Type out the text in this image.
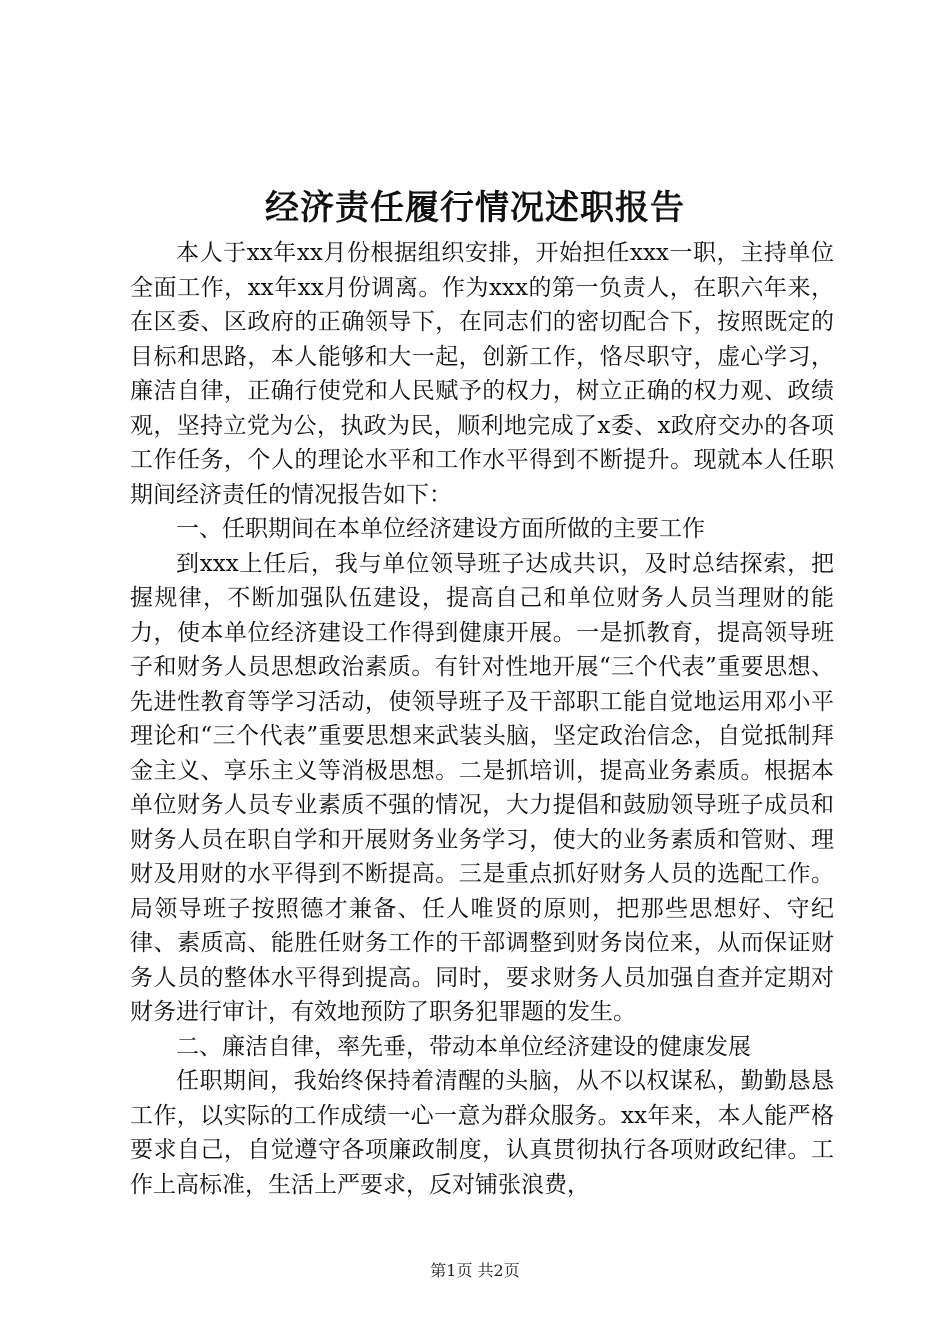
经济责任履行情况述职报告

本人于xx年xx月份根据组织安排，开始担任xxx一职，主持单位全面工作，xx年xx月份调离。作为xxx的第一负责人，在职六年来，在区委、区政府的正确领导下，在同志们的密切配合下，按照既定的目标和思路，本人能够和大一起，创新工作，恪尽职守，虚心学习，廉洁自律，正确行使党和人民赋予的权力，树立正确的权力观、政绩观，坚持立党为公，执政为民，顺利地完成了x委、x政府交办的各项工作任务，个人的理论水平和工作水平得到不断提升。现就本人任职期间经济责任的情况报告如下：

一、任职期间在本单位经济建设方面所做的主要工作

到xxx上任后，我与单位领导班子达成共识，及时总结探索，把握规律，不断加强队伍建设，提高自己和单位财务人员当理财的能力，使本单位经济建设工作得到健康开展。一是抓教育，提高领导班子和财务人员思想政治素质。有针对性地开展“三个代表”重要思想、先进性教育等学习活动，使领导班子及干部职工能自觉地运用邓小平理论和“三个代表”重要思想来武装头脑，坚定政治信念，自觉抵制拜金主义、享乐主义等消极思想。二是抓培训，提高业务素质。根据本单位财务人员专业素质不强的情况，大力提倡和鼓励领导班子成员和财务人员在职自学和开展财务业务学习，使大的业务素质和管财、理财及用财的水平得到不断提高。三是重点抓好财务人员的选配工作。局领导班子按照德才兼备、任人唯贤的原则，把那些思想好、守纪律、素质高、能胜任财务工作的干部调整到财务岗位来，从而保证财务人员的整体水平得到提高。同时，要求财务人员加强自查并定期对财务进行审计，有效地预防了职务犯罪题的发生。

二、廉洁自律，率先垂，带动本单位经济建设的健康发展

任职期间，我始终保持着清醒的头脑，从不以权谋私，勤勤恳恳工作，以实际的工作成绩一心一意为群众服务。xx年来，本人能严格要求自己，自觉遵守各项廉政制度，认真贯彻执行各项财政纪律。工作上高标准，生活上严要求，反对铺张浪费，

第1页 共2页
